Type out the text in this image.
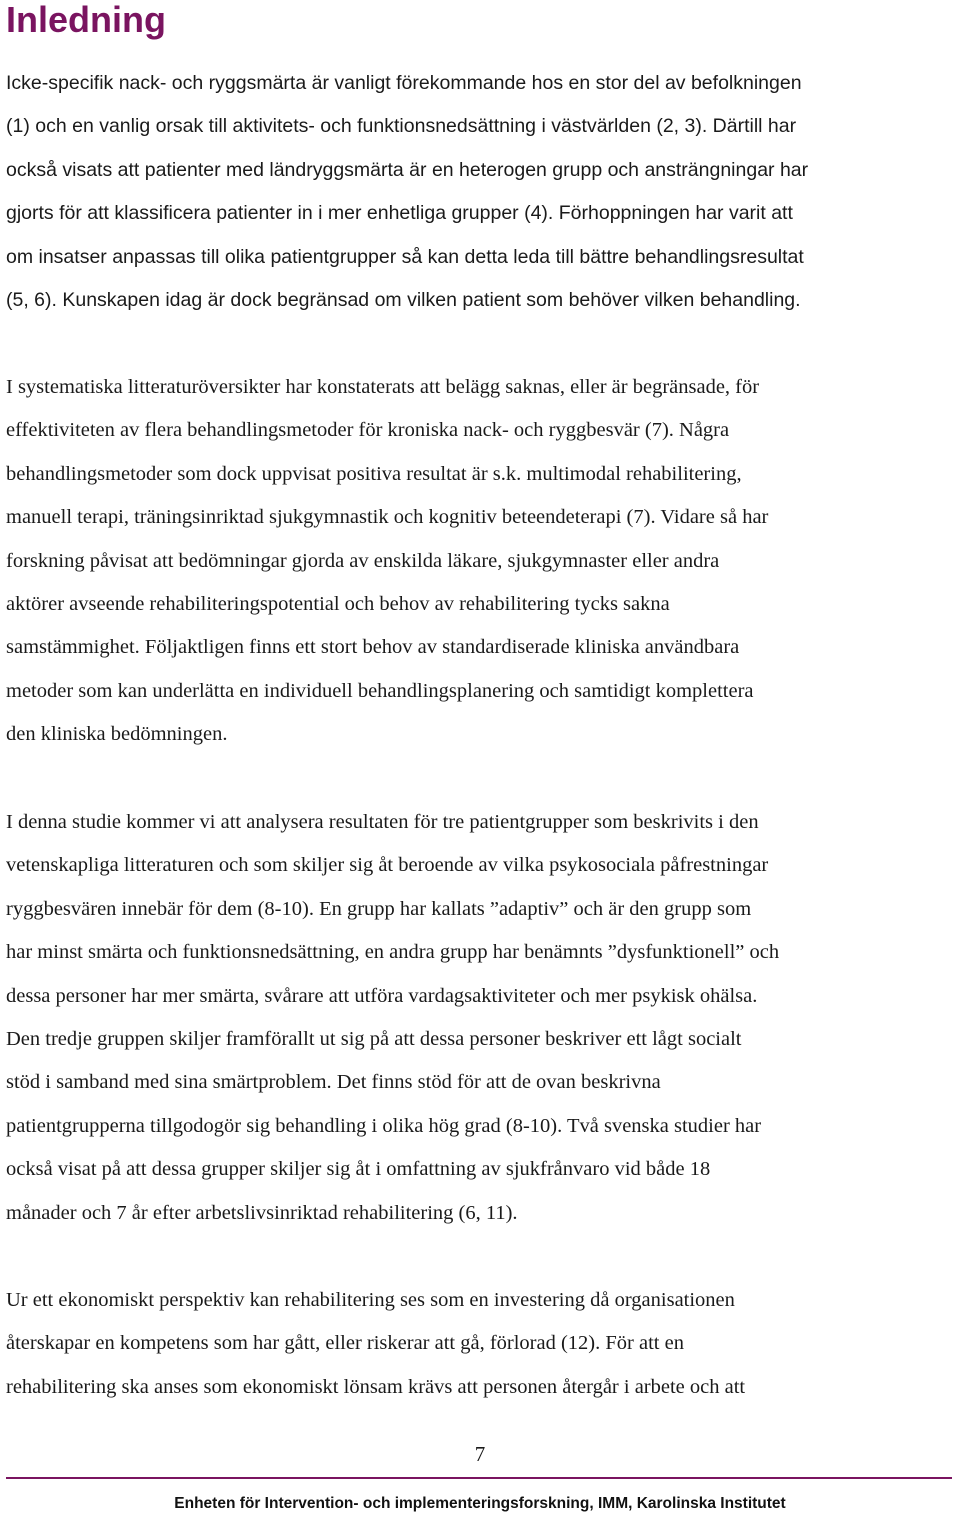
Inledning
Icke-specifik nack- och ryggsmärta är vanligt förekommande hos en stor del av befolkningen
(1) och en vanlig orsak till aktivitets- och funktionsnedsättning i västvärlden (2, 3). Därtill har
också visats att patienter med ländryggsmärta är en heterogen grupp och ansträngningar har
gjorts för att klassificera patienter in i mer enhetliga grupper (4). Förhoppningen har varit att
om insatser anpassas till olika patientgrupper så kan detta leda till bättre behandlingsresultat
(5, 6). Kunskapen idag är dock begränsad om vilken patient som behöver vilken behandling.
I systematiska litteraturöversikter har konstaterats att belägg saknas, eller är begränsade, för
effektiviteten av flera behandlingsmetoder för kroniska nack- och ryggbesvär (7). Några
behandlingsmetoder som dock uppvisat positiva resultat är s.k. multimodal rehabilitering,
manuell terapi, träningsinriktad sjukgymnastik och kognitiv beteendeterapi (7). Vidare så har
forskning påvisat att bedömningar gjorda av enskilda läkare, sjukgymnaster eller andra
aktörer avseende rehabiliteringspotential och behov av rehabilitering tycks sakna
samstämmighet. Följaktligen finns ett stort behov av standardiserade kliniska användbara
metoder som kan underlätta en individuell behandlingsplanering och samtidigt komplettera
den kliniska bedömningen.
I denna studie kommer vi att analysera resultaten för tre patientgrupper som beskrivits i den
vetenskapliga litteraturen och som skiljer sig åt beroende av vilka psykosociala påfrestningar
ryggbesvären innebär för dem (8-10). En grupp har kallats ”adaptiv” och är den grupp som
har minst smärta och funktionsnedsättning, en andra grupp har benämnts ”dysfunktionell” och
dessa personer har mer smärta, svårare att utföra vardagsaktiviteter och mer psykisk ohälsa.
Den tredje gruppen skiljer framförallt ut sig på att dessa personer beskriver ett lågt socialt
stöd i samband med sina smärtproblem. Det finns stöd för att de ovan beskrivna
patientgrupperna tillgodogör sig behandling i olika hög grad (8-10). Två svenska studier har
också visat på att dessa grupper skiljer sig åt i omfattning av sjukfrånvaro vid både 18
månader och 7 år efter arbetslivsinriktad rehabilitering (6, 11).
Ur ett ekonomiskt perspektiv kan rehabilitering ses som en investering då organisationen
återskapar en kompetens som har gått, eller riskerar att gå, förlorad (12). För att en
rehabilitering ska anses som ekonomiskt lönsam krävs att personen återgår i arbete och att
7
Enheten för Intervention- och implementeringsforskning, IMM, Karolinska Institutet
